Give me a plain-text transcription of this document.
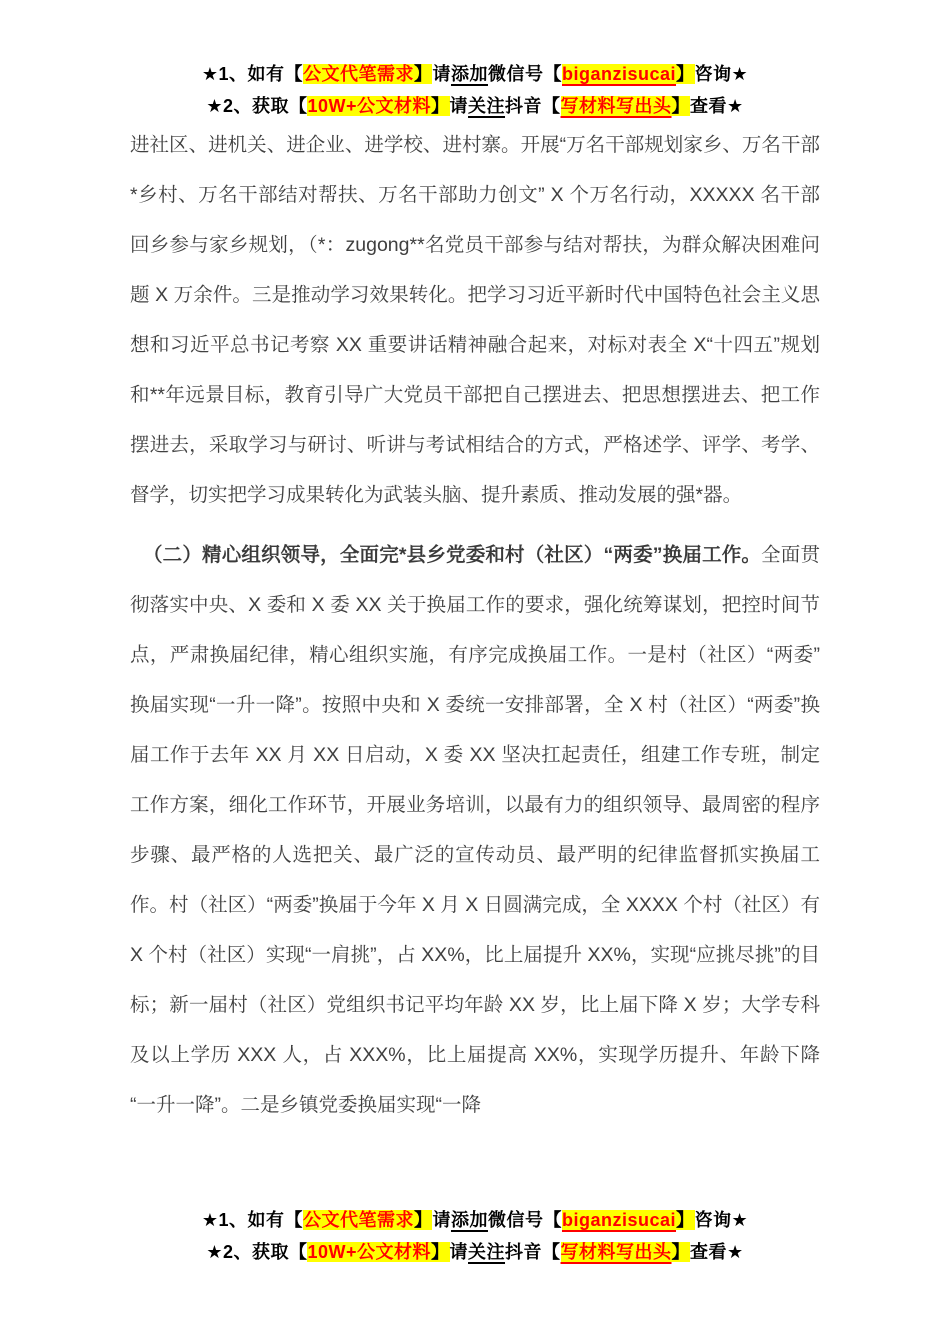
★1、如有【公文代笔需求】请添加微信号【biganzisucai】咨询★
★2、获取【10W+公文材料】请关注抖音【写材料写出头】查看★

进社区、进机关、进企业、进学校、进村寨。开展“万名干部规划家乡、万名干部*乡村、万名干部结对帮扶、万名干部助力创文” X 个万名行动，XXXXX 名干部回乡参与家乡规划，（*：zugong**名党员干部参与结对帮扶，为群众解决困难问题 X 万余件。三是推动学习效果转化。把学习习近平新时代中国特色社会主义思想和习近平总书记考察 XX 重要讲话精神融合起来，对标对表全 X“十四五”规划和**年远景目标，教育引导广大党员干部把自己摆进去、把思想摆进去、把工作摆进去，采取学习与研讨、听讲与考试相结合的方式，严格述学、评学、考学、督学，切实把学习成果转化为武装头脑、提升素质、推动发展的强*器。

（二）精心组织领导，全面完*县乡党委和村（社区）“两委”换届工作。全面贯彻落实中央、X 委和 X 委 XX 关于换届工作的要求，强化统筹谋划，把控时间节点，严肃换届纪律，精心组织实施，有序完成换届工作。一是村（社区）“两委”换届实现“一升一降”。按照中央和 X 委统一安排部署，全 X 村（社区）“两委”换届工作于去年 XX 月 XX 日启动，X 委 XX 坚决扛起责任，组建工作专班，制定工作方案，细化工作环节，开展业务培训，以最有力的组织领导、最周密的程序步骤、最严格的人选把关、最广泛的宣传动员、最严明的纪律监督抓实换届工作。村（社区）“两委”换届于今年 X 月 X 日圆满完成，全 XXXX 个村（社区）有 X 个村（社区）实现“一肩挑”，占 XX%，比上届提升 XX%，实现“应挑尽挑”的目标；新一届村（社区）党组织书记平均年龄 XX 岁，比上届下降 X 岁；大学专科及以上学历 XXX 人，占 XXX%，比上届提高 XX%，实现学历提升、年龄下降“一升一降”。二是乡镇党委换届实现“一降

★1、如有【公文代笔需求】请添加微信号【biganzisucai】咨询★
★2、获取【10W+公文材料】请关注抖音【写材料写出头】查看★
